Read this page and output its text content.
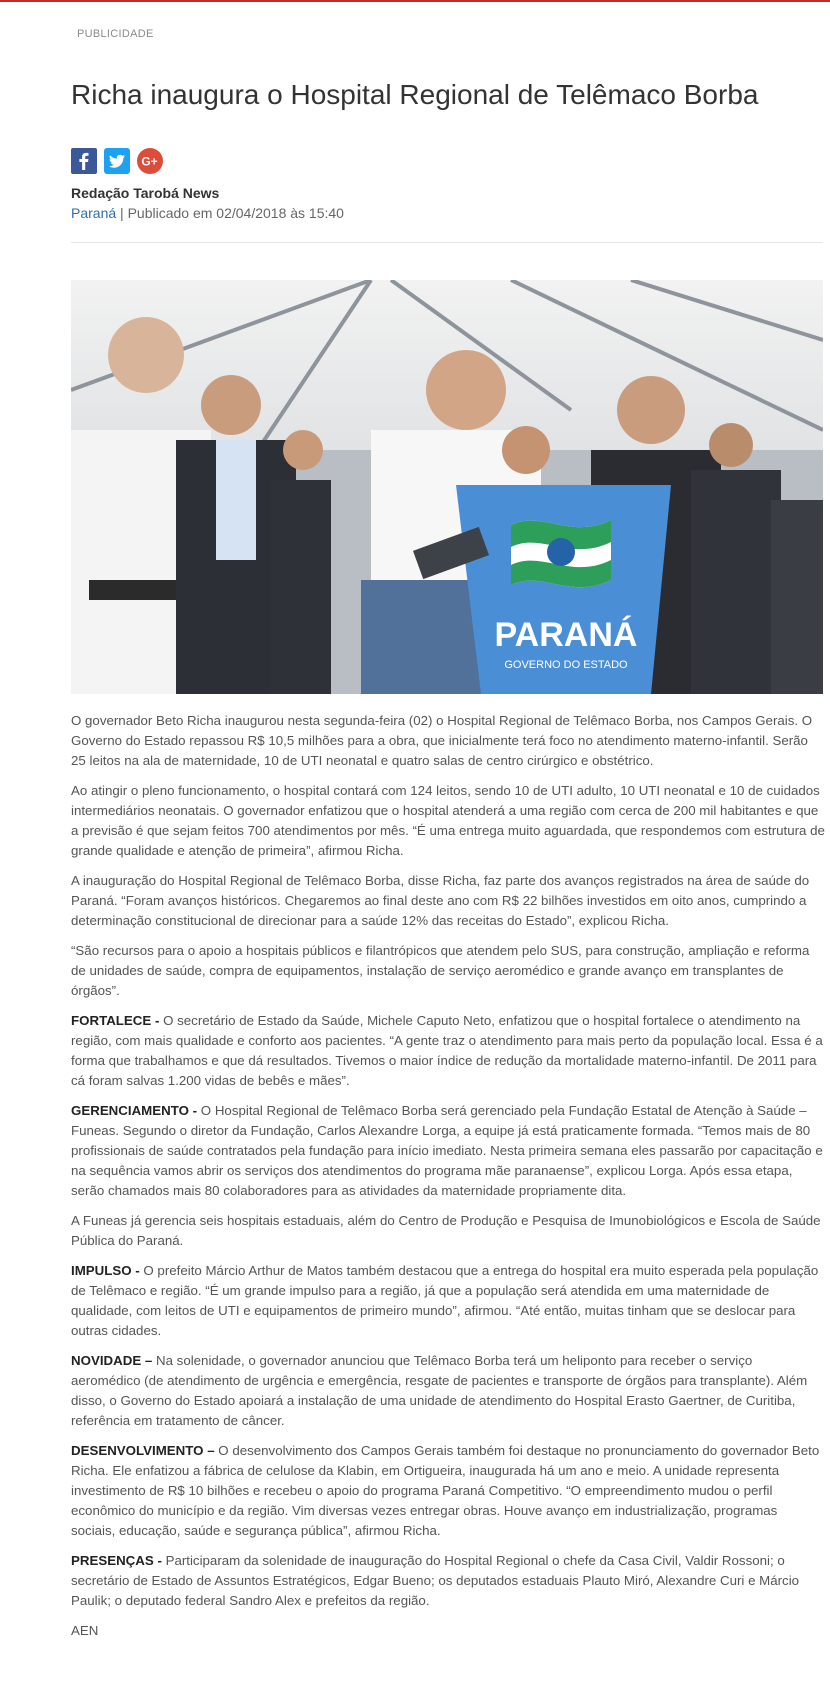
PUBLICIDADE
Richa inaugura o Hospital Regional de Telêmaco Borba
G+
Redação Tarobá News
Paraná | Publicado em 02/04/2018 às 15:40
PARANÁ
GOVERNO DO ESTADO

O governador Beto Richa inaugurou nesta segunda-feira (02) o Hospital Regional de Telêmaco Borba, nos Campos Gerais. O Governo do Estado repassou R$ 10,5 milhões para a obra, que inicialmente terá foco no atendimento materno-infantil. Serão 25 leitos na ala de maternidade, 10 de UTI neonatal e quatro salas de centro cirúrgico e obstétrico.

Ao atingir o pleno funcionamento, o hospital contará com 124 leitos, sendo 10 de UTI adulto, 10 UTI neonatal e 10 de cuidados intermediários neonatais. O governador enfatizou que o hospital atenderá a uma região com cerca de 200 mil habitantes e que a previsão é que sejam feitos 700 atendimentos por mês. “É uma entrega muito aguardada, que respondemos com estrutura de grande qualidade e atenção de primeira”, afirmou Richa.

A inauguração do Hospital Regional de Telêmaco Borba, disse Richa, faz parte dos avanços registrados na área de saúde do Paraná. “Foram avanços históricos. Chegaremos ao final deste ano com R$ 22 bilhões investidos em oito anos, cumprindo a determinação constitucional de direcionar para a saúde 12% das receitas do Estado”, explicou Richa.

“São recursos para o apoio a hospitais públicos e filantrópicos que atendem pelo SUS, para construção, ampliação e reforma de unidades de saúde, compra de equipamentos, instalação de serviço aeromédico e grande avanço em transplantes de órgãos”.

FORTALECE - O secretário de Estado da Saúde, Michele Caputo Neto, enfatizou que o hospital fortalece o atendimento na região, com mais qualidade e conforto aos pacientes. “A gente traz o atendimento para mais perto da população local. Essa é a forma que trabalhamos e que dá resultados. Tivemos o maior índice de redução da mortalidade materno-infantil. De 2011 para cá foram salvas 1.200 vidas de bebês e mães”.

GERENCIAMENTO - O Hospital Regional de Telêmaco Borba será gerenciado pela Fundação Estatal de Atenção à Saúde – Funeas. Segundo o diretor da Fundação, Carlos Alexandre Lorga, a equipe já está praticamente formada. “Temos mais de 80 profissionais de saúde contratados pela fundação para início imediato. Nesta primeira semana eles passarão por capacitação e na sequência vamos abrir os serviços dos atendimentos do programa mãe paranaense”, explicou Lorga. Após essa etapa, serão chamados mais 80 colaboradores para as atividades da maternidade propriamente dita.

A Funeas já gerencia seis hospitais estaduais, além do Centro de Produção e Pesquisa de Imunobiológicos e Escola de Saúde Pública do Paraná.

IMPULSO - O prefeito Márcio Arthur de Matos também destacou que a entrega do hospital era muito esperada pela população de Telêmaco e região. “É um grande impulso para a região, já que a população será atendida em uma maternidade de qualidade, com leitos de UTI e equipamentos de primeiro mundo”, afirmou. “Até então, muitas tinham que se deslocar para outras cidades.

NOVIDADE – Na solenidade, o governador anunciou que Telêmaco Borba terá um heliponto para receber o serviço aeromédico (de atendimento de urgência e emergência, resgate de pacientes e transporte de órgãos para transplante). Além disso, o Governo do Estado apoiará a instalação de uma unidade de atendimento do Hospital Erasto Gaertner, de Curitiba, referência em tratamento de câncer.

DESENVOLVIMENTO – O desenvolvimento dos Campos Gerais também foi destaque no pronunciamento do governador Beto Richa. Ele enfatizou a fábrica de celulose da Klabin, em Ortigueira, inaugurada há um ano e meio. A unidade representa investimento de R$ 10 bilhões e recebeu o apoio do programa Paraná Competitivo. “O empreendimento mudou o perfil econômico do município e da região. Vim diversas vezes entregar obras. Houve avanço em industrialização, programas sociais, educação, saúde e segurança pública”, afirmou Richa.

PRESENÇAS - Participaram da solenidade de inauguração do Hospital Regional o chefe da Casa Civil, Valdir Rossoni; o secretário de Estado de Assuntos Estratégicos, Edgar Bueno; os deputados estaduais Plauto Miró, Alexandre Curi e Márcio Paulik; o deputado federal Sandro Alex e prefeitos da região.

AEN
